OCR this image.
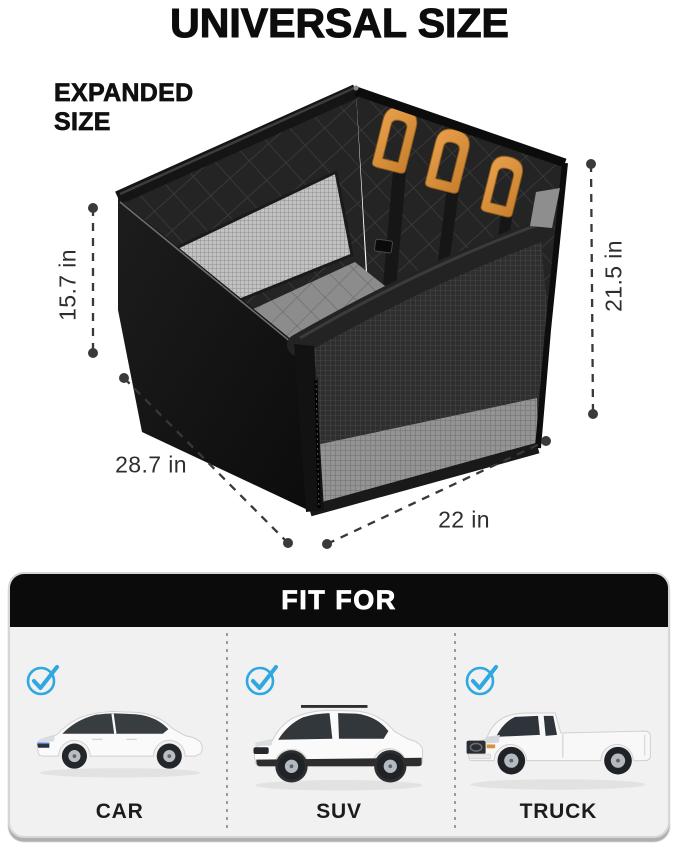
UNIVERSAL SIZE
EXPANDED
SIZE
15.7 in	21.5 in
28.7 in
22 in
FIT FOR
CAR	SUV	TRUCK
